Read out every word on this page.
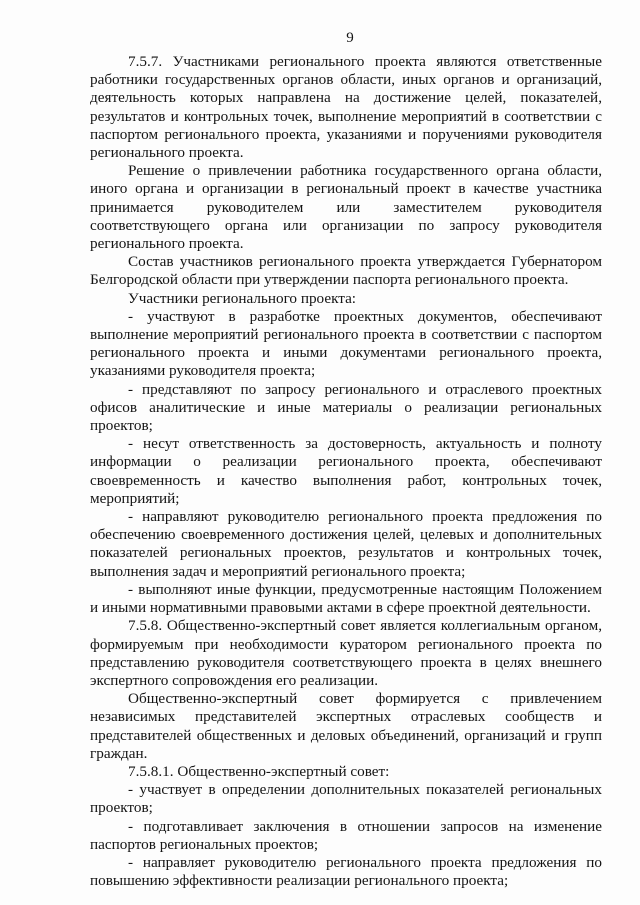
9

7.5.7. Участниками регионального проекта являются ответственные работники государственных органов области, иных органов и организаций, деятельность которых направлена на достижение целей, показателей, результатов и контрольных точек, выполнение мероприятий в соответствии с паспортом регионального проекта, указаниями и поручениями руководителя регионального проекта.

Решение о привлечении работника государственного органа области, иного органа и организации в региональный проект в качестве участника принимается руководителем или заместителем руководителя соответствующего органа или организации по запросу руководителя регионального проекта.

Состав участников регионального проекта утверждается Губернатором Белгородской области при утверждении паспорта регионального проекта.

Участники регионального проекта:

- участвуют в разработке проектных документов, обеспечивают выполнение мероприятий регионального проекта в соответствии с паспортом регионального проекта и иными документами регионального проекта, указаниями руководителя проекта;

- представляют по запросу регионального и отраслевого проектных офисов аналитические и иные материалы о реализации региональных проектов;

- несут ответственность за достоверность, актуальность и полноту информации о реализации регионального проекта, обеспечивают своевременность и качество выполнения работ, контрольных точек, мероприятий;

- направляют руководителю регионального проекта предложения по обеспечению своевременного достижения целей, целевых и дополнительных показателей региональных проектов, результатов и контрольных точек, выполнения задач и мероприятий регионального проекта;

- выполняют иные функции, предусмотренные настоящим Положением и иными нормативными правовыми актами в сфере проектной деятельности.

7.5.8. Общественно-экспертный совет является коллегиальным органом, формируемым при необходимости куратором регионального проекта по представлению руководителя соответствующего проекта в целях внешнего экспертного сопровождения его реализации.

Общественно-экспертный совет формируется с привлечением независимых представителей экспертных отраслевых сообществ и представителей общественных и деловых объединений, организаций и групп граждан.

7.5.8.1. Общественно-экспертный совет:

- участвует в определении дополнительных показателей региональных проектов;

- подготавливает заключения в отношении запросов на изменение паспортов региональных проектов;

- направляет руководителю регионального проекта предложения по повышению эффективности реализации регионального проекта;
